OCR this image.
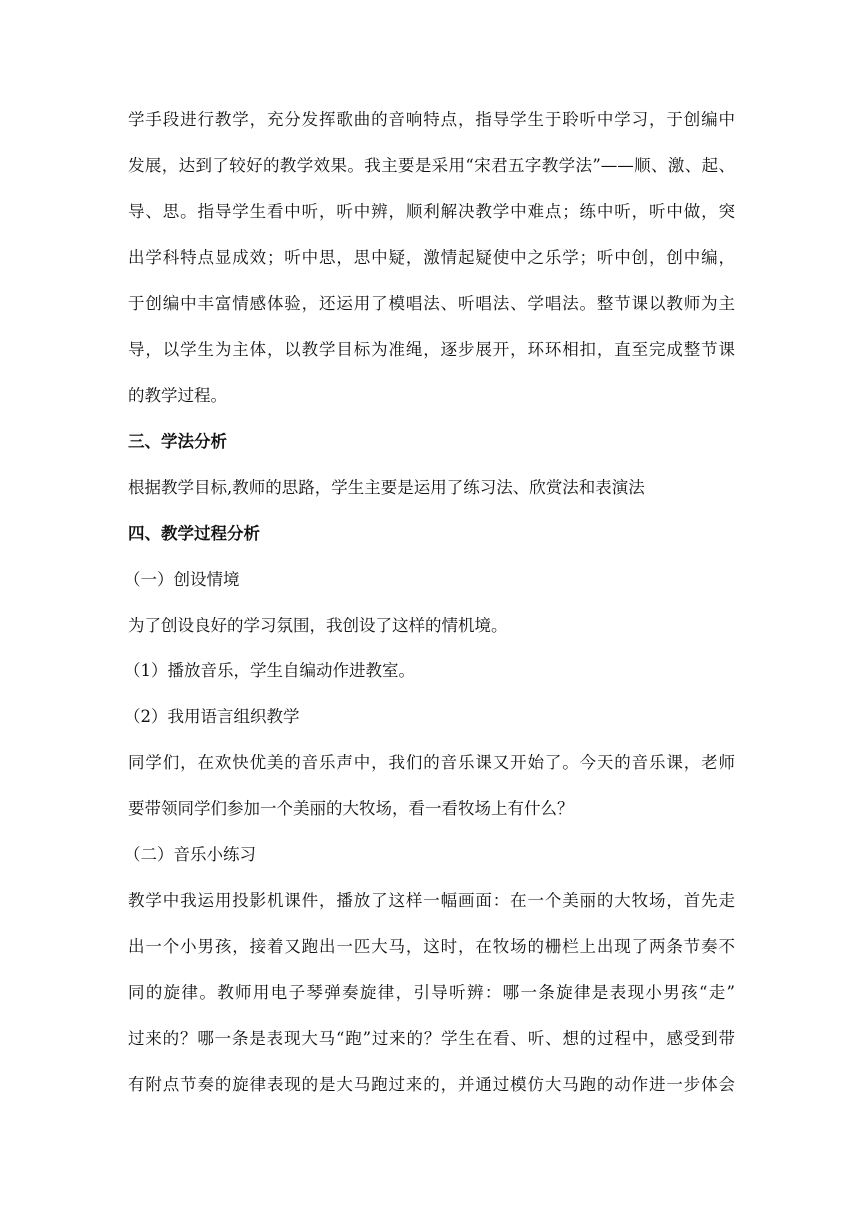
学手段进行教学，充分发挥歌曲的音响特点，指导学生于聆听中学习，于创编中
发展，达到了较好的教学效果。我主要是采用“宋君五字教学法”——顺、激、起、
导、思。指导学生看中听，听中辨，顺利解决教学中难点；练中听，听中做，突
出学科特点显成效；听中思，思中疑，激情起疑使中之乐学；听中创，创中编，
于创编中丰富情感体验，还运用了模唱法、听唱法、学唱法。整节课以教师为主
导，以学生为主体，以教学目标为准绳，逐步展开，环环相扣，直至完成整节课
的教学过程。
三、学法分析
根据教学目标,教师的思路，学生主要是运用了练习法、欣赏法和表演法
四、教学过程分析
（一）创设情境
为了创设良好的学习氛围，我创设了这样的情机境。
（1）播放音乐，学生自编动作进教室。
（2）我用语言组织教学
同学们，在欢快优美的音乐声中，我们的音乐课又开始了。今天的音乐课，老师
要带领同学们参加一个美丽的大牧场，看一看牧场上有什么？
（二）音乐小练习
教学中我运用投影机课件，播放了这样一幅画面：在一个美丽的大牧场，首先走
出一个小男孩，接着又跑出一匹大马，这时，在牧场的栅栏上出现了两条节奏不
同的旋律。教师用电子琴弹奏旋律，引导听辨：哪一条旋律是表现小男孩“走”
过来的？哪一条是表现大马“跑”过来的？学生在看、听、想的过程中，感受到带
有附点节奏的旋律表现的是大马跑过来的，并通过模仿大马跑的动作进一步体会
